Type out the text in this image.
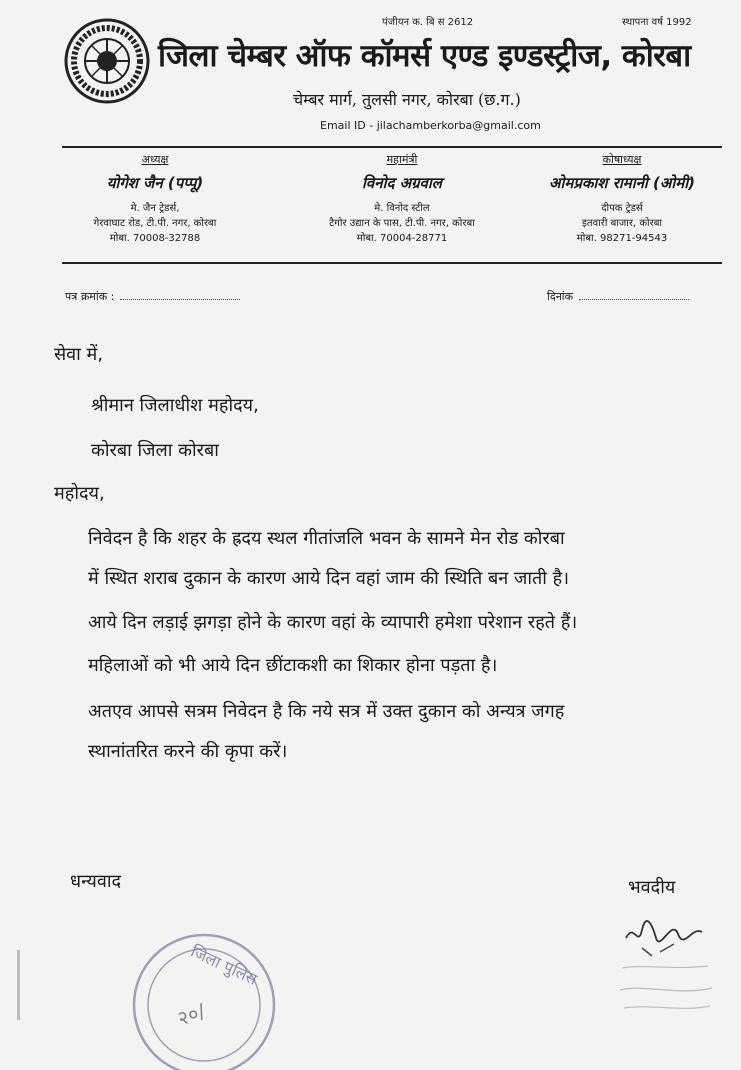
पंजीयन क. बि स 2612	स्थापना वर्ष 1992
जिला चेम्बर ऑफ कॉमर्स एण्ड इण्डस्ट्रीज, कोरबा
चेम्बर मार्ग, तुलसी नगर, कोरबा (छ.ग.)
Email ID - jilachamberkorba@gmail.com
अध्यक्ष
योगेश जैन (पप्पू)
मे. जैन ट्रेडर्स,
गेरवाघाट रोड, टी.पी. नगर, कोरबा
मोबा. 70008-32788
महामंत्री
विनोद अग्रवाल
मे. विनोद स्टील
टैगोर उद्यान के पास, टी.पी. नगर, कोरबा
मोबा. 70004-28771
कोषाध्यक्ष
ओमप्रकाश रामानी (ओमी)
दीपक ट्रेडर्स
इतवारी बाजार, कोरबा
मोबा. 98271-94543
पत्र क्रमांक :	दिनांक
सेवा में,
श्रीमान जिलाधीश महोदय,
कोरबा जिला कोरबा
महोदय,
निवेदन है कि शहर के ह्रदय स्थल गीतांजलि भवन के सामने मेन रोड कोरबा
में स्थित शराब दुकान के कारण आये दिन वहां जाम की स्थिति बन जाती है।
आये दिन लड़ाई झगड़ा होने के कारण वहां के व्यापारी हमेशा परेशान रहते हैं।
महिलाओं को भी आये दिन छींटाकशी का शिकार होना पड़ता है।
अतएव आपसे सत्रम निवेदन है कि नये सत्र में उक्त दुकान को अन्यत्र जगह
स्थानांतरित करने की कृपा करें।
धन्यवाद	भवदीय
जिला पुलिस
२०/
